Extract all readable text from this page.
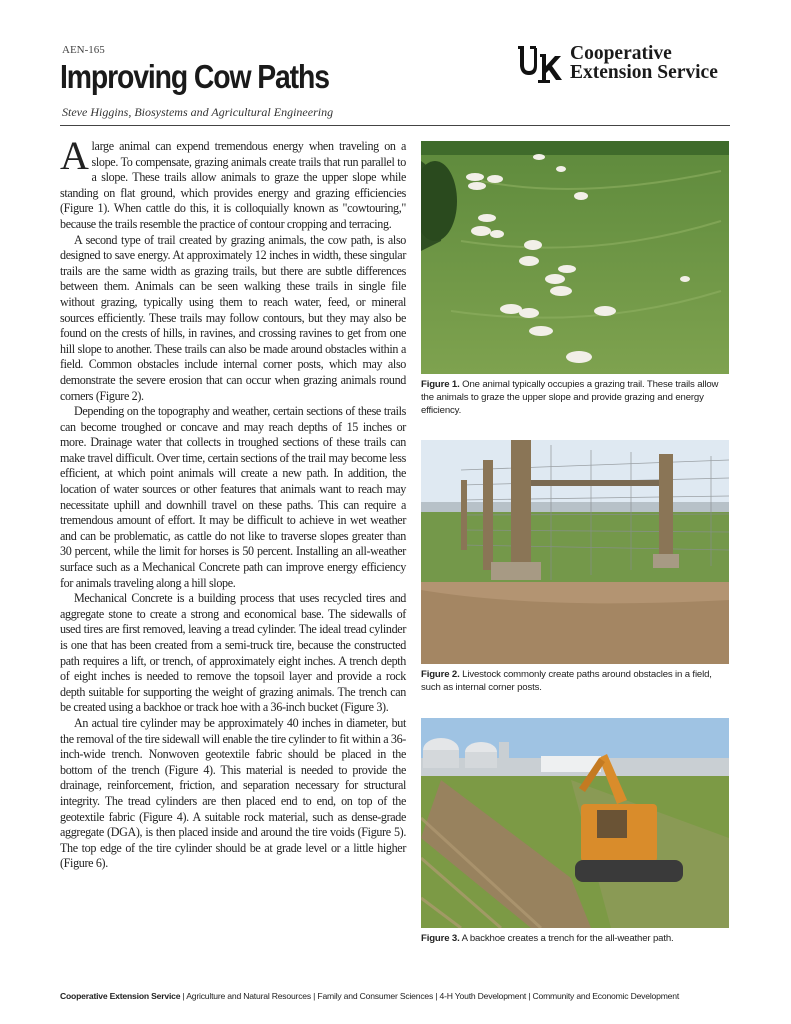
AEN-165
Improving Cow Paths
Steve Higgins, Biosystems and Agricultural Engineering
Cooperative
Extension Service

Alarge animal can expend tremendous energy when traveling on a slope. To compensate, grazing animals create trails that run parallel to a slope. These trails allow animals to graze the upper slope while standing on flat ground, which provides energy and grazing efficiencies (Figure 1). When cattle do this, it is colloquially known as "cowtouring," because the trails resemble the practice of contour cropping and terracing.

A second type of trail created by grazing animals, the cow path, is also designed to save energy. At approximately 12 inches in width, these singular trails are the same width as grazing trails, but there are subtle differences between them. Animals can be seen walking these trails in single file without grazing, typically using them to reach water, feed, or mineral sources efficiently. These trails may follow contours, but they may also be found on the crests of hills, in ravines, and crossing ravines to get from one hill slope to another. These trails can also be made around obstacles within a field. Common obstacles include internal corner posts, which may also demonstrate the severe erosion that can occur when grazing animals round corners (Figure 2).

Depending on the topography and weather, certain sections of these trails can become troughed or concave and may reach depths of 15 inches or more. Drainage water that collects in troughed sections of these trails can make travel difficult. Over time, certain sections of the trail may become less efficient, at which point animals will create a new path. In addition, the location of water sources or other features that animals want to reach may necessitate uphill and downhill travel on these paths. This can require a tremendous amount of effort. It may be difficult to achieve in wet weather and can be problematic, as cattle do not like to traverse slopes greater than 30 percent, while the limit for horses is 50 percent. Installing an all-weather surface such as a Mechanical Concrete path can improve energy efficiency for animals traveling along a hill slope.

Mechanical Concrete is a building process that uses recycled tires and aggregate stone to create a strong and economical base. The sidewalls of used tires are first removed, leaving a tread cylinder. The ideal tread cylinder is one that has been created from a semi-truck tire, because the constructed path requires a lift, or trench, of approximately eight inches. A trench depth of eight inches is needed to remove the topsoil layer and provide a rock depth suitable for supporting the weight of grazing animals. The trench can be created using a backhoe or track hoe with a 36-inch bucket (Figure 3).

An actual tire cylinder may be approximately 40 inches in diameter, but the removal of the tire sidewall will enable the tire cylinder to fit within a 36-inch-wide trench. Nonwoven geotextile fabric should be placed in the bottom of the trench (Figure 4). This material is needed to provide the drainage, reinforcement, friction, and separation necessary for structural integrity. The tread cylinders are then placed end to end, on top of the geotextile fabric (Figure 4). A suitable rock material, such as dense-grade aggregate (DGA), is then placed inside and around the tire voids (Figure 5). The top edge of the tire cylinder should be at grade level or a little higher (Figure 6).

Figure 1. One animal typically occupies a grazing trail. These trails allow the animals to graze the upper slope and provide grazing and energy efficiency.
Figure 2. Livestock commonly create paths around obstacles in a field, such as internal corner posts.
Figure 3. A backhoe creates a trench for the all-weather path.
Cooperative Extension Service | Agriculture and Natural Resources | Family and Consumer Sciences | 4-H Youth Development | Community and Economic Development
